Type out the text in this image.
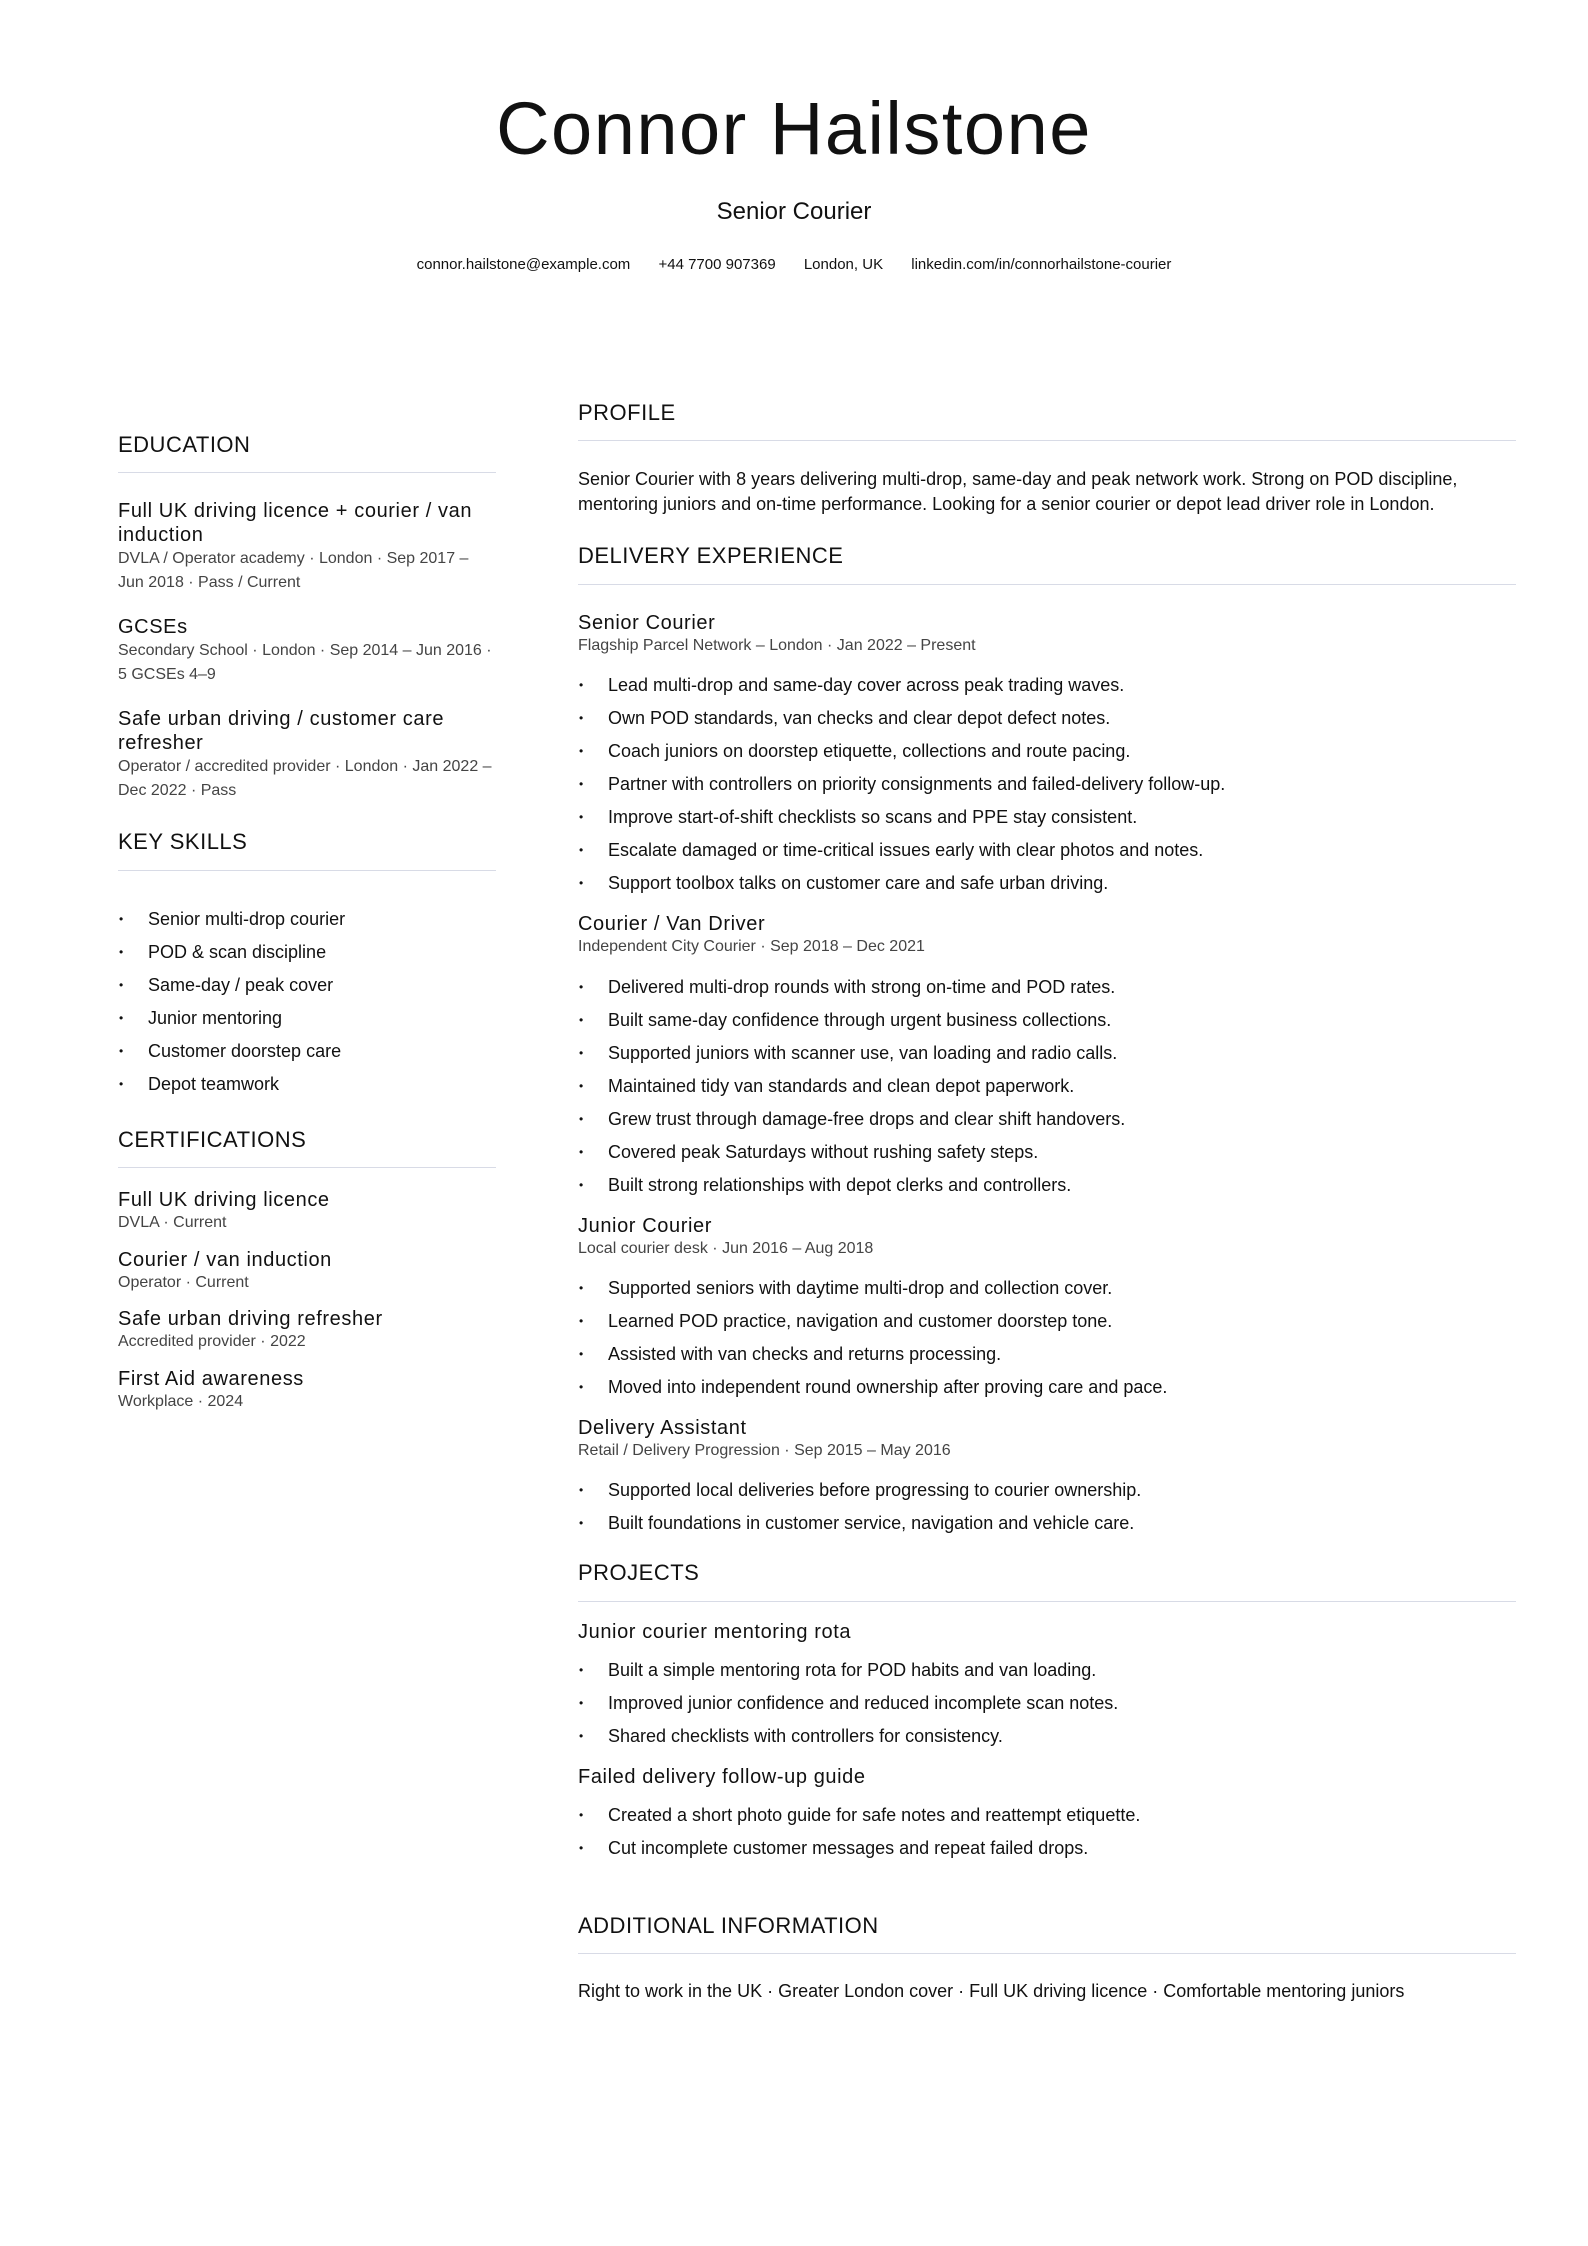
Connor Hailstone
Senior Courier
connor.hailstone@example.com +44 7700 907369 London, UK linkedin.com/in/connorhailstone-courier
EDUCATION
Full UK driving licence + courier / van induction
DVLA / Operator academy · London · Sep 2017 – Jun 2018 · Pass / Current
GCSEs
Secondary School · London · Sep 2014 – Jun 2016 · 5 GCSEs 4–9
Safe urban driving / customer care refresher
Operator / accredited provider · London · Jan 2022 – Dec 2022 · Pass
KEY SKILLS
• Senior multi-drop courier
• POD & scan discipline
• Same-day / peak cover
• Junior mentoring
• Customer doorstep care
• Depot teamwork
CERTIFICATIONS
Full UK driving licence
DVLA · Current
Courier / van induction
Operator · Current
Safe urban driving refresher
Accredited provider · 2022
First Aid awareness
Workplace · 2024
PROFILE
Senior Courier with 8 years delivering multi-drop, same-day and peak network work. Strong on POD discipline, mentoring juniors and on-time performance. Looking for a senior courier or depot lead driver role in London.
DELIVERY EXPERIENCE
Senior Courier
Flagship Parcel Network – London · Jan 2022 – Present
• Lead multi-drop and same-day cover across peak trading waves.
• Own POD standards, van checks and clear depot defect notes.
• Coach juniors on doorstep etiquette, collections and route pacing.
• Partner with controllers on priority consignments and failed-delivery follow-up.
• Improve start-of-shift checklists so scans and PPE stay consistent.
• Escalate damaged or time-critical issues early with clear photos and notes.
• Support toolbox talks on customer care and safe urban driving.
Courier / Van Driver
Independent City Courier · Sep 2018 – Dec 2021
• Delivered multi-drop rounds with strong on-time and POD rates.
• Built same-day confidence through urgent business collections.
• Supported juniors with scanner use, van loading and radio calls.
• Maintained tidy van standards and clean depot paperwork.
• Grew trust through damage-free drops and clear shift handovers.
• Covered peak Saturdays without rushing safety steps.
• Built strong relationships with depot clerks and controllers.
Junior Courier
Local courier desk · Jun 2016 – Aug 2018
• Supported seniors with daytime multi-drop and collection cover.
• Learned POD practice, navigation and customer doorstep tone.
• Assisted with van checks and returns processing.
• Moved into independent round ownership after proving care and pace.
Delivery Assistant
Retail / Delivery Progression · Sep 2015 – May 2016
• Supported local deliveries before progressing to courier ownership.
• Built foundations in customer service, navigation and vehicle care.
PROJECTS
Junior courier mentoring rota
• Built a simple mentoring rota for POD habits and van loading.
• Improved junior confidence and reduced incomplete scan notes.
• Shared checklists with controllers for consistency.
Failed delivery follow-up guide
• Created a short photo guide for safe notes and reattempt etiquette.
• Cut incomplete customer messages and repeat failed drops.
ADDITIONAL INFORMATION
Right to work in the UK · Greater London cover · Full UK driving licence · Comfortable mentoring juniors
